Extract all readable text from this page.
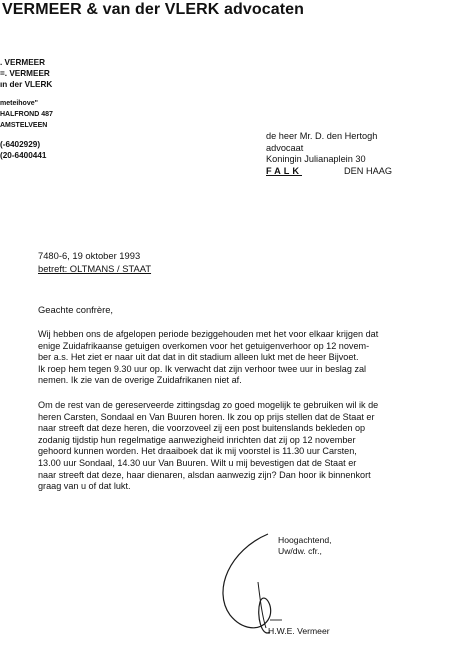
VERMEER & van der VLERK advocaten
. VERMEER
=. VERMEER
ın der VLERK
meteihove"
HALFROND 487
AMSTELVEEN
(-6402929)
(20-6400441
de heer Mr. D. den Hertogh
advocaat
Koningin Julianaplein 30
FALK	DEN HAAG
7480-6, 19 oktober 1993
betreft: OLTMANS / STAAT
Geachte confrère,
Wij hebben ons de afgelopen periode beziggehouden met het voor elkaar krijgen dat
enige Zuidafrikaanse getuigen overkomen voor het getuigenverhoor op 12 novem-
ber a.s. Het ziet er naar uit dat dat in dit stadium alleen lukt met de heer Bijvoet.
Ik roep hem tegen 9.30 uur op. Ik verwacht dat zijn verhoor twee uur in beslag zal
nemen. Ik zie van de overige Zuidafrikanen niet af.
Om de rest van de gereserveerde zittingsdag zo goed mogelijk te gebruiken wil ik de
heren Carsten, Sondaal en Van Buuren horen. Ik zou op prijs stellen dat de Staat er
naar streeft dat deze heren, die voorzoveel zij een post buitenslands bekleden op
zodanig tijdstip hun regelmatige aanwezigheid inrichten dat zij op 12 november
gehoord kunnen worden. Het draaiboek dat ik mij voorstel is 11.30 uur Carsten,
13.00 uur Sondaal, 14.30 uur Van Buuren. Wilt u mij bevestigen dat de Staat er
naar streeft dat deze, haar dienaren, alsdan aanwezig zijn? Dan hoor ik binnenkort
graag van u of dat lukt.
Hoogachtend,
Uw/dw. cfr.,
H.W.E. Vermeer
